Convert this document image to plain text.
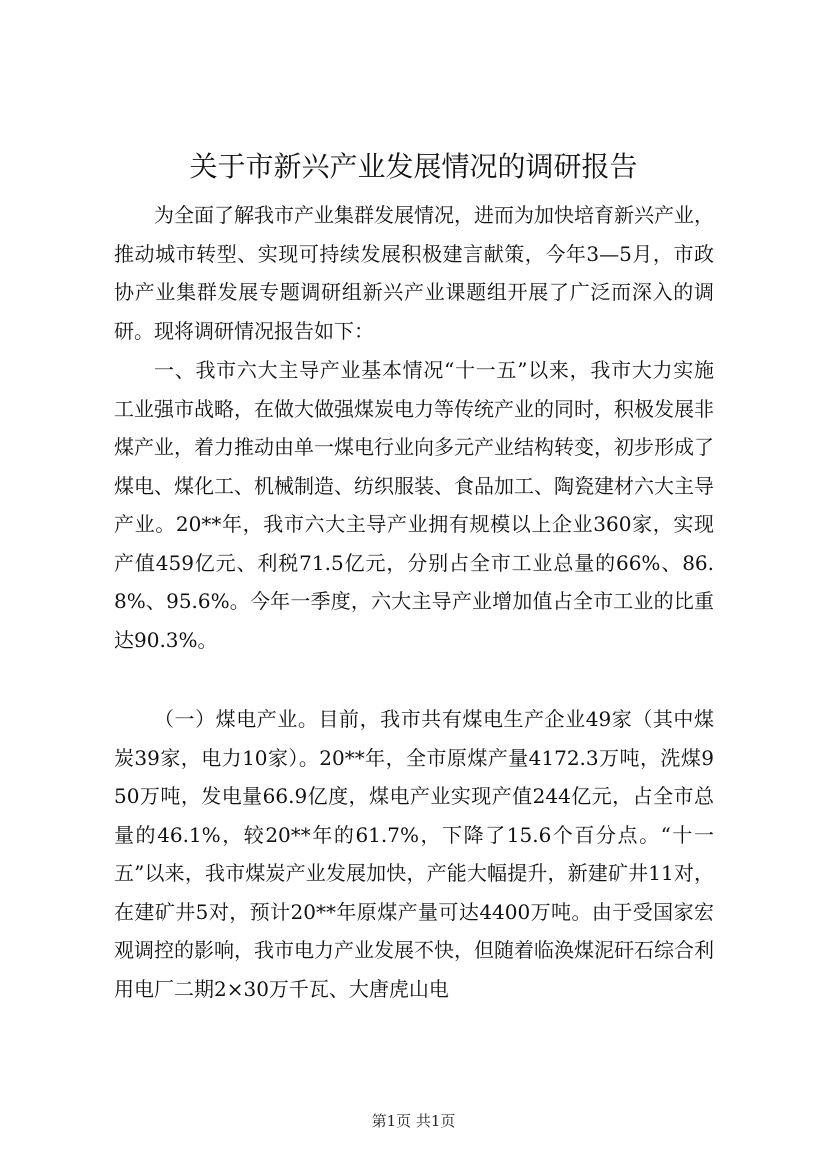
关于市新兴产业发展情况的调研报告

为全面了解我市产业集群发展情况，进而为加快培育新兴产业，推动城市转型、实现可持续发展积极建言献策，今年3—5月，市政协产业集群发展专题调研组新兴产业课题组开展了广泛而深入的调研。现将调研情况报告如下：

一、我市六大主导产业基本情况“十一五”以来，我市大力实施工业强市战略，在做大做强煤炭电力等传统产业的同时，积极发展非煤产业，着力推动由单一煤电行业向多元产业结构转变，初步形成了煤电、煤化工、机械制造、纺织服装、食品加工、陶瓷建材六大主导产业。20**年，我市六大主导产业拥有规模以上企业360家，实现产值459亿元、利税71.5亿元，分别占全市工业总量的66%、86.8%、95.6%。今年一季度，六大主导产业增加值占全市工业的比重达90.3%。

（一）煤电产业。目前，我市共有煤电生产企业49家（其中煤炭39家，电力10家）。20**年，全市原煤产量4172.3万吨，洗煤950万吨，发电量66.9亿度，煤电产业实现产值244亿元，占全市总量的46.1%，较20**年的61.7%，下降了15.6个百分点。“十一五”以来，我市煤炭产业发展加快，产能大幅提升，新建矿井11对，在建矿井5对，预计20**年原煤产量可达4400万吨。由于受国家宏观调控的影响，我市电力产业发展不快，但随着临涣煤泥矸石综合利用电厂二期2×30万千瓦、大唐虎山电

第1页 共1页
